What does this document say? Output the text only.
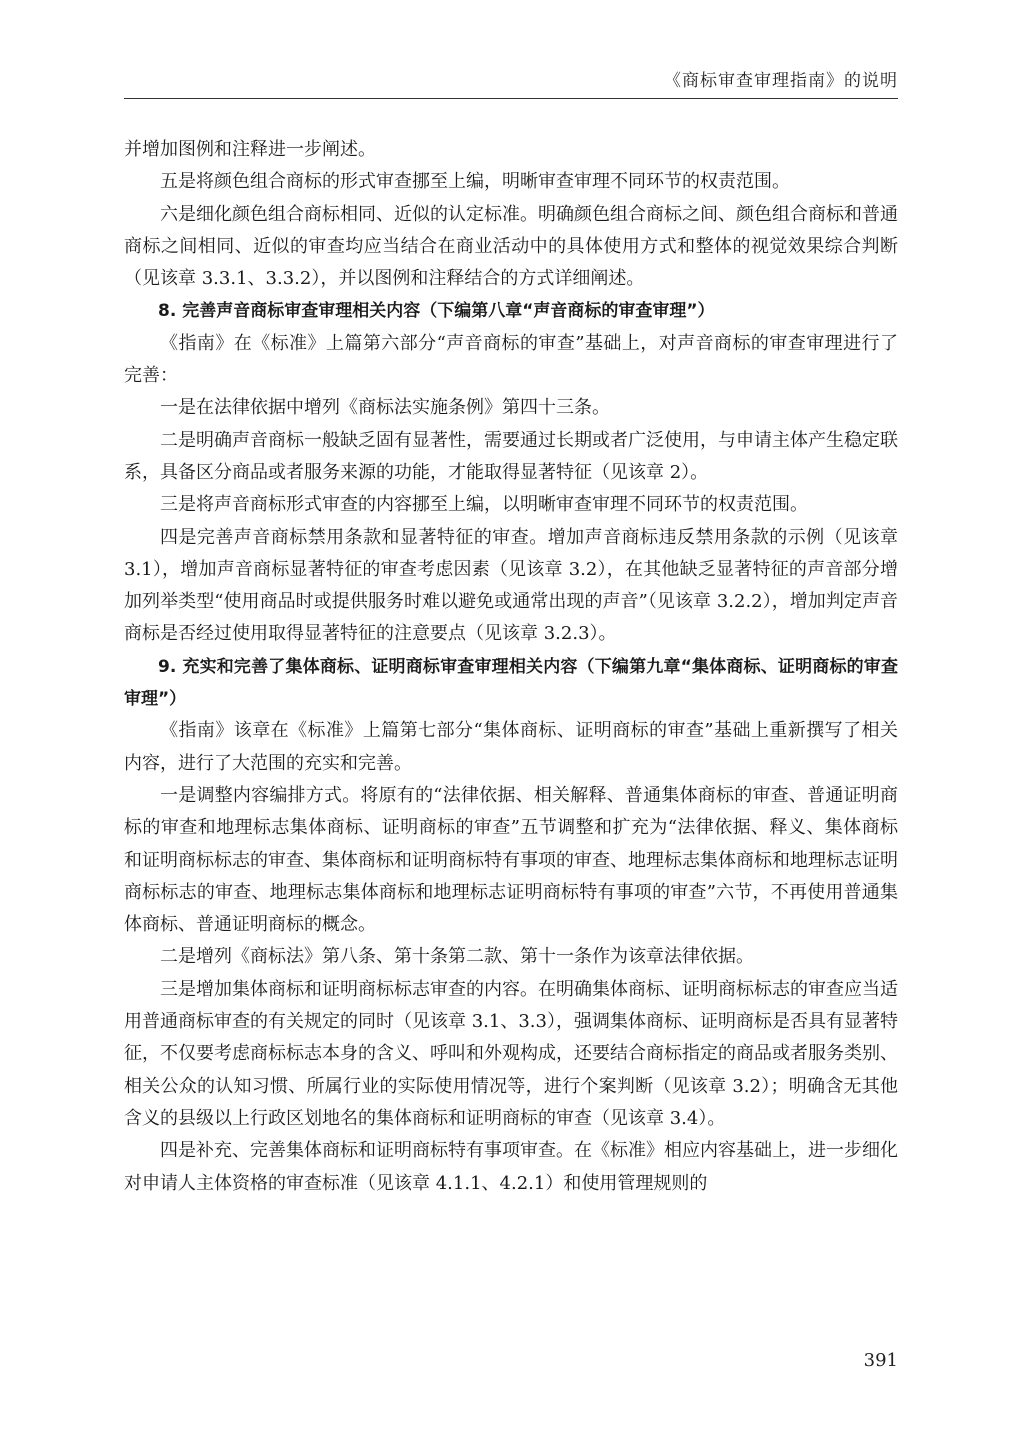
《商标审查审理指南》的说明

并增加图例和注释进一步阐述。

五是将颜色组合商标的形式审查挪至上编，明晰审查审理不同环节的权责范围。

六是细化颜色组合商标相同、近似的认定标准。明确颜色组合商标之间、颜色组合商标和普通商标之间相同、近似的审查均应当结合在商业活动中的具体使用方式和整体的视觉效果综合判断（见该章 3.3.1、3.3.2），并以图例和注释结合的方式详细阐述。

8. 完善声音商标审查审理相关内容（下编第八章“声音商标的审查审理”）

《指南》在《标准》上篇第六部分“声音商标的审查”基础上，对声音商标的审查审理进行了完善：

一是在法律依据中增列《商标法实施条例》第四十三条。

二是明确声音商标一般缺乏固有显著性，需要通过长期或者广泛使用，与申请主体产生稳定联系，具备区分商品或者服务来源的功能，才能取得显著特征（见该章 2）。

三是将声音商标形式审查的内容挪至上编，以明晰审查审理不同环节的权责范围。

四是完善声音商标禁用条款和显著特征的审查。增加声音商标违反禁用条款的示例（见该章 3.1），增加声音商标显著特征的审查考虑因素（见该章 3.2），在其他缺乏显著特征的声音部分增加列举类型“使用商品时或提供服务时难以避免或通常出现的声音”（见该章 3.2.2），增加判定声音商标是否经过使用取得显著特征的注意要点（见该章 3.2.3）。

9. 充实和完善了集体商标、证明商标审查审理相关内容（下编第九章“集体商标、证明商标的审查审理”）

《指南》该章在《标准》上篇第七部分“集体商标、证明商标的审查”基础上重新撰写了相关内容，进行了大范围的充实和完善。

一是调整内容编排方式。将原有的“法律依据、相关解释、普通集体商标的审查、普通证明商标的审查和地理标志集体商标、证明商标的审查”五节调整和扩充为“法律依据、释义、集体商标和证明商标标志的审查、集体商标和证明商标特有事项的审查、地理标志集体商标和地理标志证明商标标志的审查、地理标志集体商标和地理标志证明商标特有事项的审查”六节，不再使用普通集体商标、普通证明商标的概念。

二是增列《商标法》第八条、第十条第二款、第十一条作为该章法律依据。

三是增加集体商标和证明商标标志审查的内容。在明确集体商标、证明商标标志的审查应当适用普通商标审查的有关规定的同时（见该章 3.1、3.3），强调集体商标、证明商标是否具有显著特征，不仅要考虑商标标志本身的含义、呼叫和外观构成，还要结合商标指定的商品或者服务类别、相关公众的认知习惯、所属行业的实际使用情况等，进行个案判断（见该章 3.2）；明确含无其他含义的县级以上行政区划地名的集体商标和证明商标的审查（见该章 3.4）。

四是补充、完善集体商标和证明商标特有事项审查。在《标准》相应内容基础上，进一步细化对申请人主体资格的审查标准（见该章 4.1.1、4.2.1）和使用管理规则的

391
